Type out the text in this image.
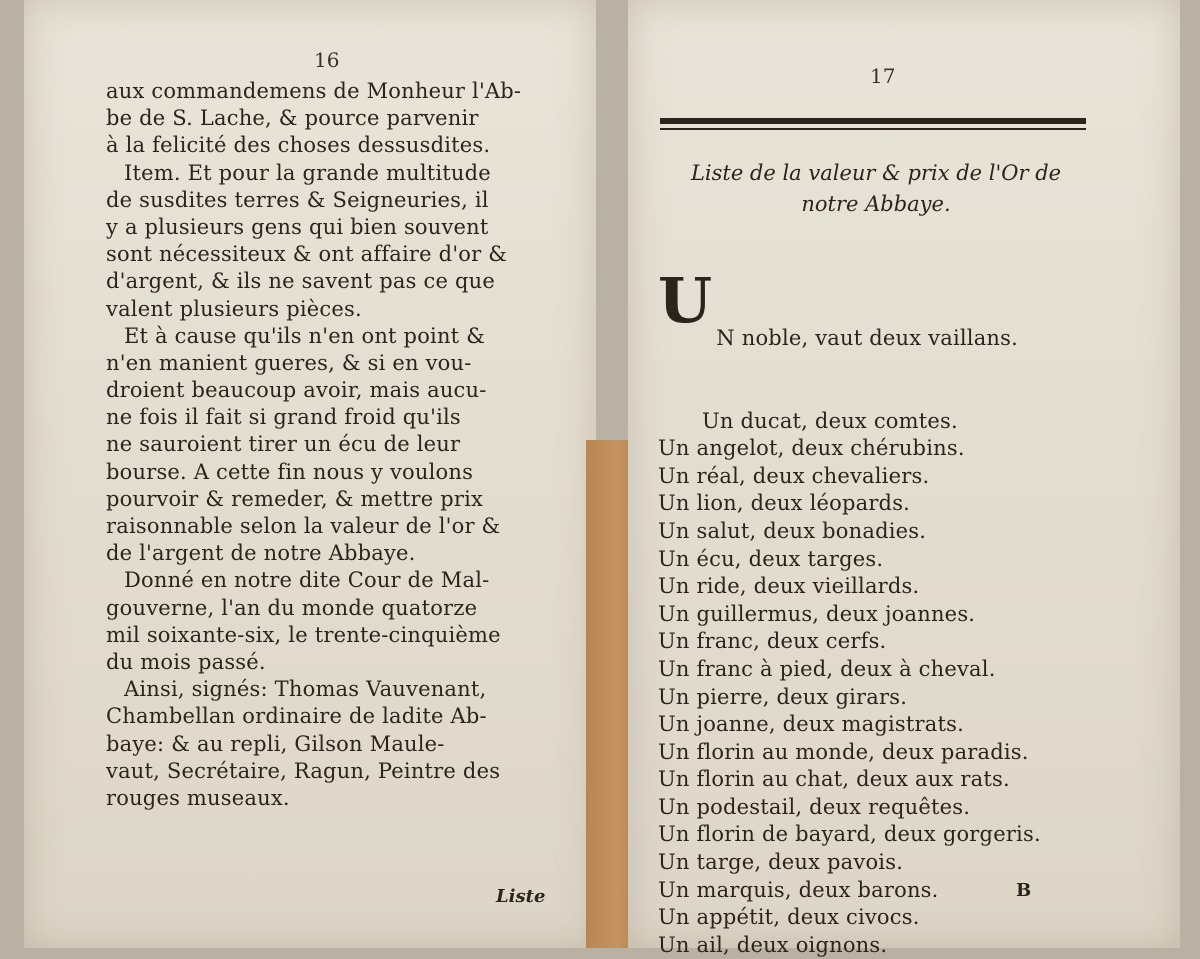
16
aux commandemens de Monheur l'Ab-
be de S. Lache, & pource parvenir
à la felicité des choses dessusdites.
Item. Et pour la grande multitude
de susdites terres & Seigneuries, il
y a plusieurs gens qui bien souvent
sont nécessiteux & ont affaire d'or &
d'argent, & ils ne savent pas ce que
valent plusieurs pièces.
Et à cause qu'ils n'en ont point &
n'en manient gueres, & si en vou-
droient beaucoup avoir, mais aucu-
ne fois il fait si grand froid qu'ils
ne sauroient tirer un écu de leur
bourse. A cette fin nous y voulons
pourvoir & remeder, & mettre prix
raisonnable selon la valeur de l'or &
de l'argent de notre Abbaye.
Donné en notre dite Cour de Mal-
gouverne, l'an du monde quatorze
mil soixante-six, le trente-cinquième
du mois passé.
Ainsi, signés: Thomas Vauvenant,
Chambellan ordinaire de ladite Ab-
baye: & au repli, Gilson Maule-
vaut, Secrétaire, Ragun, Peintre des
rouges museaux.
Liste
17
Liste de la valeur & prix de l'Or de
notre Abbaye.

U

N noble, vaut deux vaillans.

Un ducat, deux comtes.
Un angelot, deux chérubins.
Un réal, deux chevaliers.
Un lion, deux léopards.
Un salut, deux bonadies.
Un écu, deux targes.
Un ride, deux vieillards.
Un guillermus, deux joannes.
Un franc, deux cerfs.
Un franc à pied, deux à cheval.
Un pierre, deux girars.
Un joanne, deux magistrats.
Un florin au monde, deux paradis.
Un florin au chat, deux aux rats.
Un podestail, deux requêtes.
Un florin de bayard, deux gorgeris.
Un targe, deux pavois.
Un marquis, deux barons.
Un appétit, deux civocs.
Un ail, deux oignons.
B
